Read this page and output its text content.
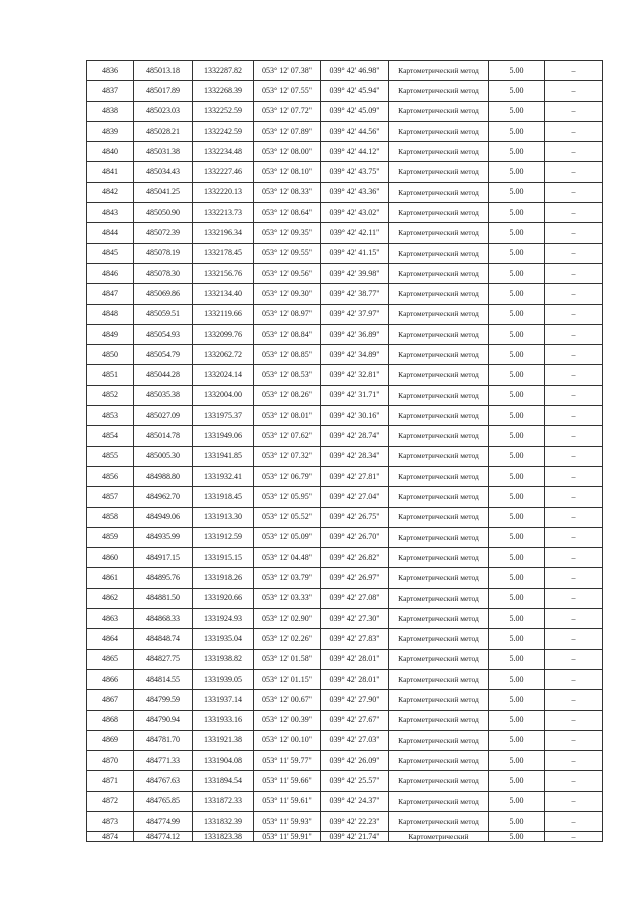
4836	485013.18	1332287.82	053° 12' 07.38"	039° 42' 46.98"	Картометрический метод	5.00	–
4837	485017.89	1332268.39	053° 12' 07.55"	039° 42' 45.94"	Картометрический метод	5.00	–
4838	485023.03	1332252.59	053° 12' 07.72"	039° 42' 45.09"	Картометрический метод	5.00	–
4839	485028.21	1332242.59	053° 12' 07.89"	039° 42' 44.56"	Картометрический метод	5.00	–
4840	485031.38	1332234.48	053° 12' 08.00"	039° 42' 44.12"	Картометрический метод	5.00	–
4841	485034.43	1332227.46	053° 12' 08.10"	039° 42' 43.75"	Картометрический метод	5.00	–
4842	485041.25	1332220.13	053° 12' 08.33"	039° 42' 43.36"	Картометрический метод	5.00	–
4843	485050.90	1332213.73	053° 12' 08.64"	039° 42' 43.02"	Картометрический метод	5.00	–
4844	485072.39	1332196.34	053° 12' 09.35"	039° 42' 42.11"	Картометрический метод	5.00	–
4845	485078.19	1332178.45	053° 12' 09.55"	039° 42' 41.15"	Картометрический метод	5.00	–
4846	485078.30	1332156.76	053° 12' 09.56"	039° 42' 39.98"	Картометрический метод	5.00	–
4847	485069.86	1332134.40	053° 12' 09.30"	039° 42' 38.77"	Картометрический метод	5.00	–
4848	485059.51	1332119.66	053° 12' 08.97"	039° 42' 37.97"	Картометрический метод	5.00	–
4849	485054.93	1332099.76	053° 12' 08.84"	039° 42' 36.89"	Картометрический метод	5.00	–
4850	485054.79	1332062.72	053° 12' 08.85"	039° 42' 34.89"	Картометрический метод	5.00	–
4851	485044.28	1332024.14	053° 12' 08.53"	039° 42' 32.81"	Картометрический метод	5.00	–
4852	485035.38	1332004.00	053° 12' 08.26"	039° 42' 31.71"	Картометрический метод	5.00	–
4853	485027.09	1331975.37	053° 12' 08.01"	039° 42' 30.16"	Картометрический метод	5.00	–
4854	485014.78	1331949.06	053° 12' 07.62"	039° 42' 28.74"	Картометрический метод	5.00	–
4855	485005.30	1331941.85	053° 12' 07.32"	039° 42' 28.34"	Картометрический метод	5.00	–
4856	484988.80	1331932.41	053° 12' 06.79"	039° 42' 27.81"	Картометрический метод	5.00	–
4857	484962.70	1331918.45	053° 12' 05.95"	039° 42' 27.04"	Картометрический метод	5.00	–
4858	484949.06	1331913.30	053° 12' 05.52"	039° 42' 26.75"	Картометрический метод	5.00	–
4859	484935.99	1331912.59	053° 12' 05.09"	039° 42' 26.70"	Картометрический метод	5.00	–
4860	484917.15	1331915.15	053° 12' 04.48"	039° 42' 26.82"	Картометрический метод	5.00	–
4861	484895.76	1331918.26	053° 12' 03.79"	039° 42' 26.97"	Картометрический метод	5.00	–
4862	484881.50	1331920.66	053° 12' 03.33"	039° 42' 27.08"	Картометрический метод	5.00	–
4863	484868.33	1331924.93	053° 12' 02.90"	039° 42' 27.30"	Картометрический метод	5.00	–
4864	484848.74	1331935.04	053° 12' 02.26"	039° 42' 27.83"	Картометрический метод	5.00	–
4865	484827.75	1331938.82	053° 12' 01.58"	039° 42' 28.01"	Картометрический метод	5.00	–
4866	484814.55	1331939.05	053° 12' 01.15"	039° 42' 28.01"	Картометрический метод	5.00	–
4867	484799.59	1331937.14	053° 12' 00.67"	039° 42' 27.90"	Картометрический метод	5.00	–
4868	484790.94	1331933.16	053° 12' 00.39"	039° 42' 27.67"	Картометрический метод	5.00	–
4869	484781.70	1331921.38	053° 12' 00.10"	039° 42' 27.03"	Картометрический метод	5.00	–
4870	484771.33	1331904.08	053° 11' 59.77"	039° 42' 26.09"	Картометрический метод	5.00	–
4871	484767.63	1331894.54	053° 11' 59.66"	039° 42' 25.57"	Картометрический метод	5.00	–
4872	484765.85	1331872.33	053° 11' 59.61"	039° 42' 24.37"	Картометрический метод	5.00	–
4873	484774.99	1331832.39	053° 11' 59.93"	039° 42' 22.23"	Картометрический метод	5.00	–
4874	484774.12	1331823.38	053° 11' 59.91"	039° 42' 21.74"	Картометрический	5.00	–
